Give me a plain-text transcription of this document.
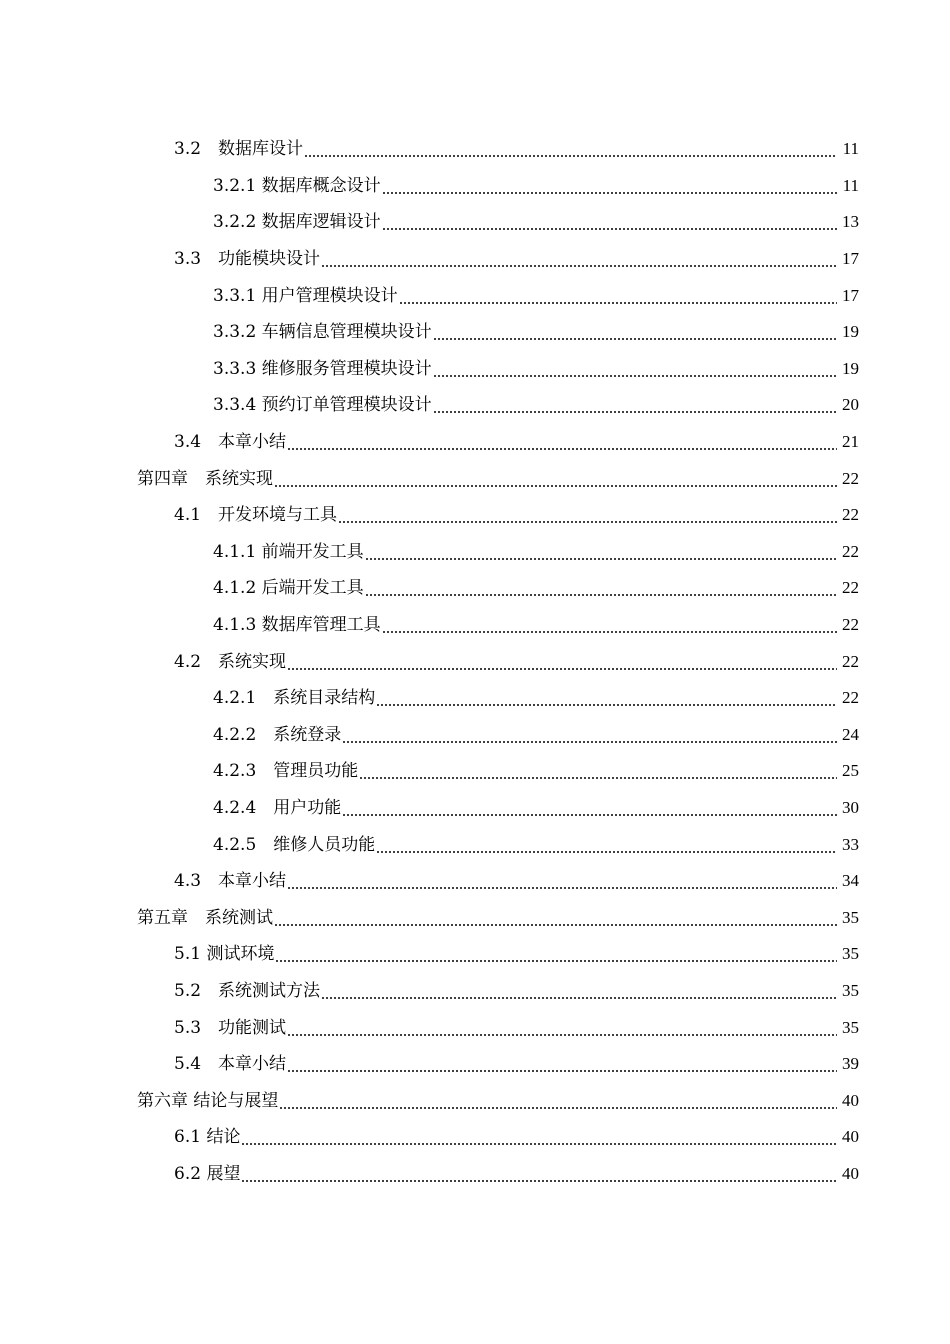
3.2　数据库设计	11
3.2.1 数据库概念设计	11
3.2.2 数据库逻辑设计	13
3.3　功能模块设计	17
3.3.1 用户管理模块设计	17
3.3.2 车辆信息管理模块设计	19
3.3.3 维修服务管理模块设计	19
3.3.4 预约订单管理模块设计	20
3.4　本章小结	21
第四章　系统实现	22
4.1　开发环境与工具	22
4.1.1 前端开发工具	22
4.1.2 后端开发工具	22
4.1.3 数据库管理工具	22
4.2　系统实现	22
4.2.1　系统目录结构	22
4.2.2　系统登录	24
4.2.3　管理员功能	25
4.2.4　用户功能	30
4.2.5　维修人员功能	33
4.3　本章小结	34
第五章　系统测试	35
5.1 测试环境	35
5.2　系统测试方法	35
5.3　功能测试	35
5.4　本章小结	39
第六章 结论与展望	40
6.1 结论	40
6.2 展望	40
